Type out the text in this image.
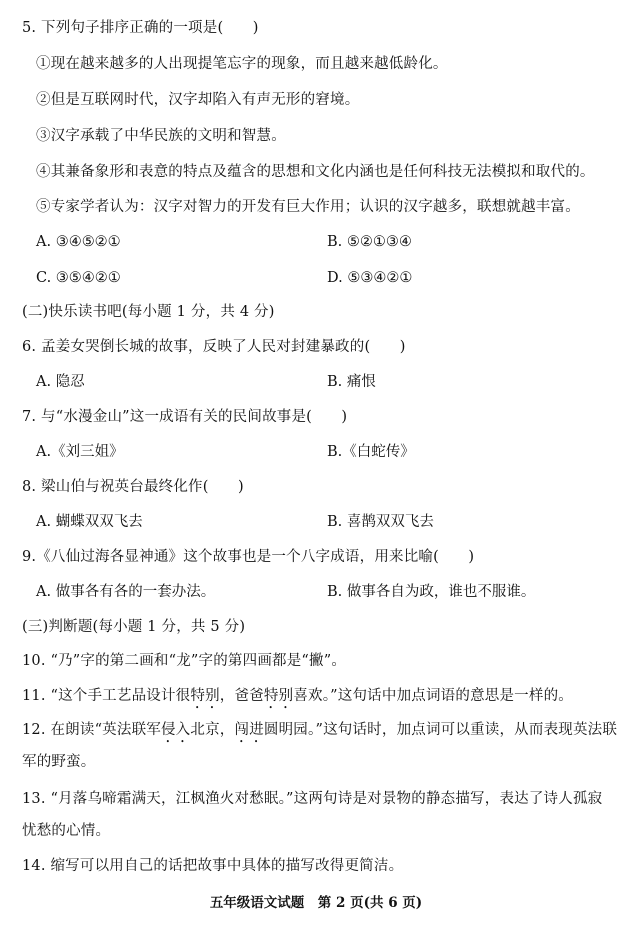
5. 下列句子排序正确的一项是(　　)
①现在越来越多的人出现提笔忘字的现象，而且越来越低龄化。
②但是互联网时代，汉字却陷入有声无形的窘境。
③汉字承载了中华民族的文明和智慧。
④其兼备象形和表意的特点及蕴含的思想和文化内涵也是任何科技无法模拟和取代的。
⑤专家学者认为：汉字对智力的开发有巨大作用；认识的汉字越多，联想就越丰富。
A. ③④⑤②①	B. ⑤②①③④
C. ③⑤④②①	D. ⑤③④②①
(二)快乐读书吧(每小题 1 分，共 4 分)
6. 孟姜女哭倒长城的故事，反映了人民对封建暴政的(　　)
A. 隐忍	B. 痛恨
7. 与“水漫金山”这一成语有关的民间故事是(　　)
A.《刘三姐》	B.《白蛇传》
8. 梁山伯与祝英台最终化作(　　)
A. 蝴蝶双双飞去	B. 喜鹊双双飞去
9.《八仙过海各显神通》这个故事也是一个八字成语，用来比喻(　　)
A. 做事各有各的一套办法。	B. 做事各自为政，谁也不服谁。
(三)判断题(每小题 1 分，共 5 分)
10. “乃”字的第二画和“龙”字的第四画都是“撇”。
11. “这个手工艺品设计很特别，爸爸特别喜欢。”这句话中加点词语的意思是一样的。
12. 在朗读“英法联军侵入北京，闯进圆明园。”这句话时，加点词可以重读，从而表现英法联
军的野蛮。
13. “月落乌啼霜满天，江枫渔火对愁眠。”这两句诗是对景物的静态描写，表达了诗人孤寂
忧愁的心情。
14. 缩写可以用自己的话把故事中具体的描写改得更简洁。
五年级语文试题　第 2 页(共 6 页)
